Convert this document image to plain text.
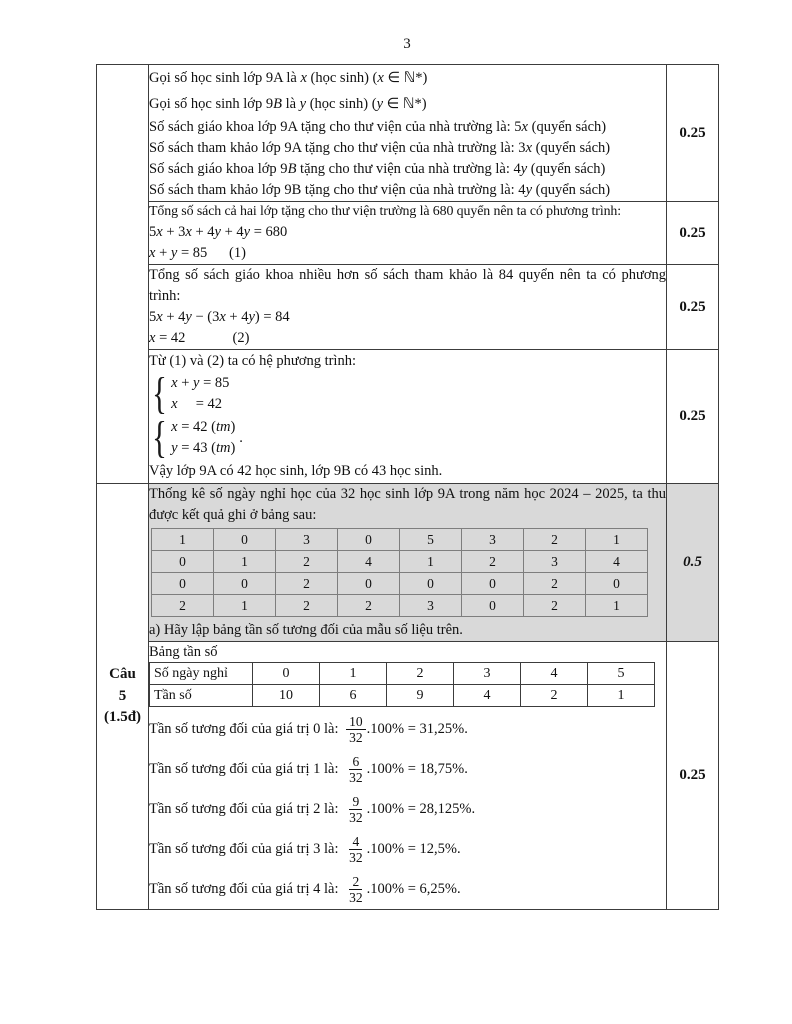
3

Gọi số học sinh lớp 9A là x (học sinh) (x ∈ ℕ*)
Gọi số học sinh lớp 9B là y (học sinh) (y ∈ ℕ*)
Số sách giáo khoa lớp 9A tặng cho thư viện của nhà trường là: 5x (quyển sách)
Số sách tham khảo lớp 9A tặng cho thư viện của nhà trường là: 3x (quyển sách)
Số sách giáo khoa lớp 9B tặng cho thư viện của nhà trường là: 4y (quyển sách)
Số sách tham khảo lớp 9B tặng cho thư viện của nhà trường là: 4y (quyển sách)
	0.25

Tổng số sách cả hai lớp tặng cho thư viện trường là 680 quyển nên ta có phương trình:
5x + 3x + 4y + 4y = 680
x + y = 85      (1)
	0.25

Tổng số sách giáo khoa nhiều hơn số sách tham khảo là 84 quyển nên ta có phương trình:
5x + 4y − (3x + 4y) = 84
x = 42             (2)
	0.25

Từ (1) và (2) ta có hệ phương trình:
{ x + y = 85
x     = 42
{ x = 42 (tm)
y = 43 (tm)
.
Vậy lớp 9A có 42 học sinh, lớp 9B có 43 học sinh.
	0.25

Câu
5
(1.5đ)

Thống kê số ngày nghỉ học của 32 học sinh lớp 9A trong năm học 2024 – 2025, ta thu được kết quả ghi ở bảng sau:
1	0	3	0	5	3	2	1
0	1	2	4	1	2	3	4
0	0	2	0	0	0	2	0
2	1	2	2	3	0	2	1
a) Hãy lập bảng tần số tương đối của mẫu số liệu trên.
	0.5

Bảng tần số
Số ngày nghỉ	0	1	2	3	4	5
Tần số	10	6	9	4	2	1
Tần số tương đối của giá trị 0 là: $\frac{10}{32} .100\% = 31,25\%$.
Tần số tương đối của giá trị 1 là: $\frac{6}{32} .100\% = 18,75\%$.
Tần số tương đối của giá trị 2 là: $\frac{9}{32} .100\% = 28,125\%$.
Tần số tương đối của giá trị 3 là: $\frac{4}{32} .100\% = 12,5\%$.
Tần số tương đối của giá trị 4 là: $\frac{2}{32} .100\% = 6,25\%$.
	0.25
